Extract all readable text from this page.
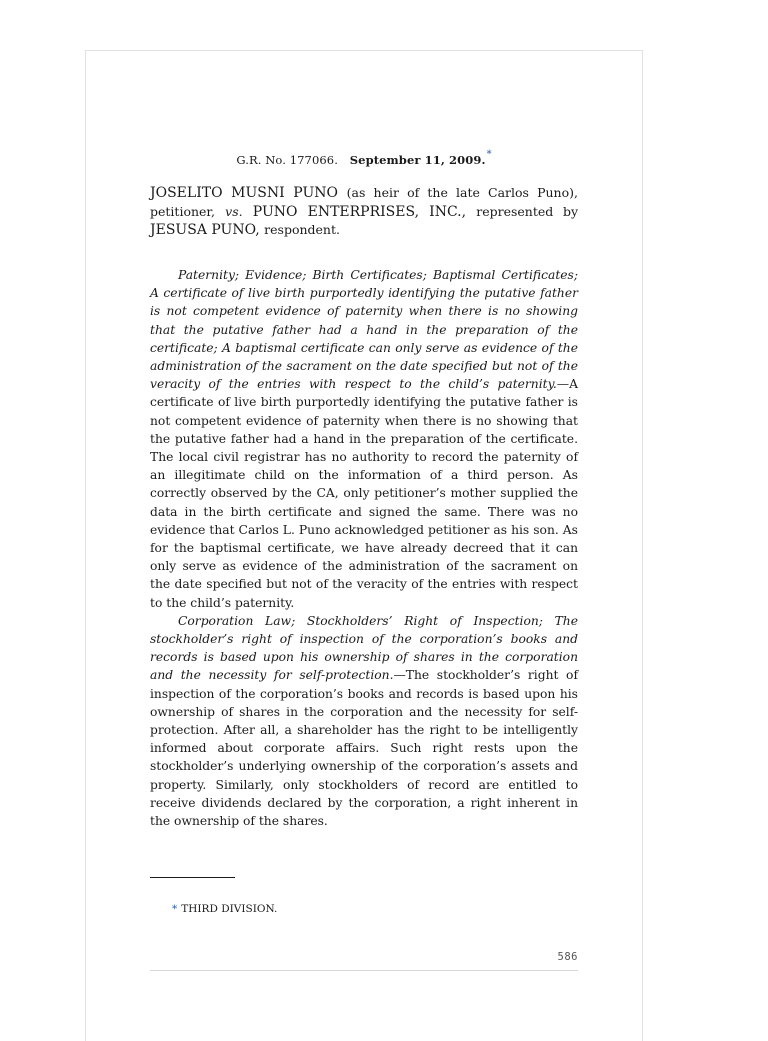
G.R. No. 177066. September 11, 2009.*
JOSELITO MUSNI PUNO (as heir of the late Carlos Puno), petitioner, vs. PUNO ENTERPRISES, INC., represented by JESUSA PUNO, respondent.

Paternity; Evidence; Birth Certificates; Baptismal Certificates; A certificate of live birth purportedly identifying the putative father is not competent evidence of paternity when there is no showing that the putative father had a hand in the preparation of the certificate; A baptismal certificate can only serve as evidence of the administration of the sacrament on the date specified but not of the veracity of the entries with respect to the child’s paternity.—A certificate of live birth purportedly identifying the putative father is not competent evidence of paternity when there is no showing that the putative father had a hand in the preparation of the certificate. The local civil registrar has no authority to record the paternity of an illegitimate child on the information of a third person. As correctly observed by the CA, only petitioner’s mother supplied the data in the birth certificate and signed the same. There was no evidence that Carlos L. Puno acknowledged petitioner as his son. As for the baptismal certificate, we have already decreed that it can only serve as evidence of the administration of the sacrament on the date specified but not of the veracity of the entries with respect to the child’s paternity.

Corporation Law; Stockholders’ Right of Inspection; The stockholder’s right of inspection of the corporation’s books and records is based upon his ownership of shares in the corporation and the necessity for self-protection.—The stockholder’s right of inspection of the corporation’s books and records is based upon his ownership of shares in the corporation and the necessity for self-protection. After all, a shareholder has the right to be intelligently informed about corporate affairs. Such right rests upon the stockholder’s underlying ownership of the corporation’s assets and property. Similarly, only stockholders of record are entitled to receive dividends declared by the corporation, a right inherent in the ownership of the shares.

* THIRD DIVISION.
586
